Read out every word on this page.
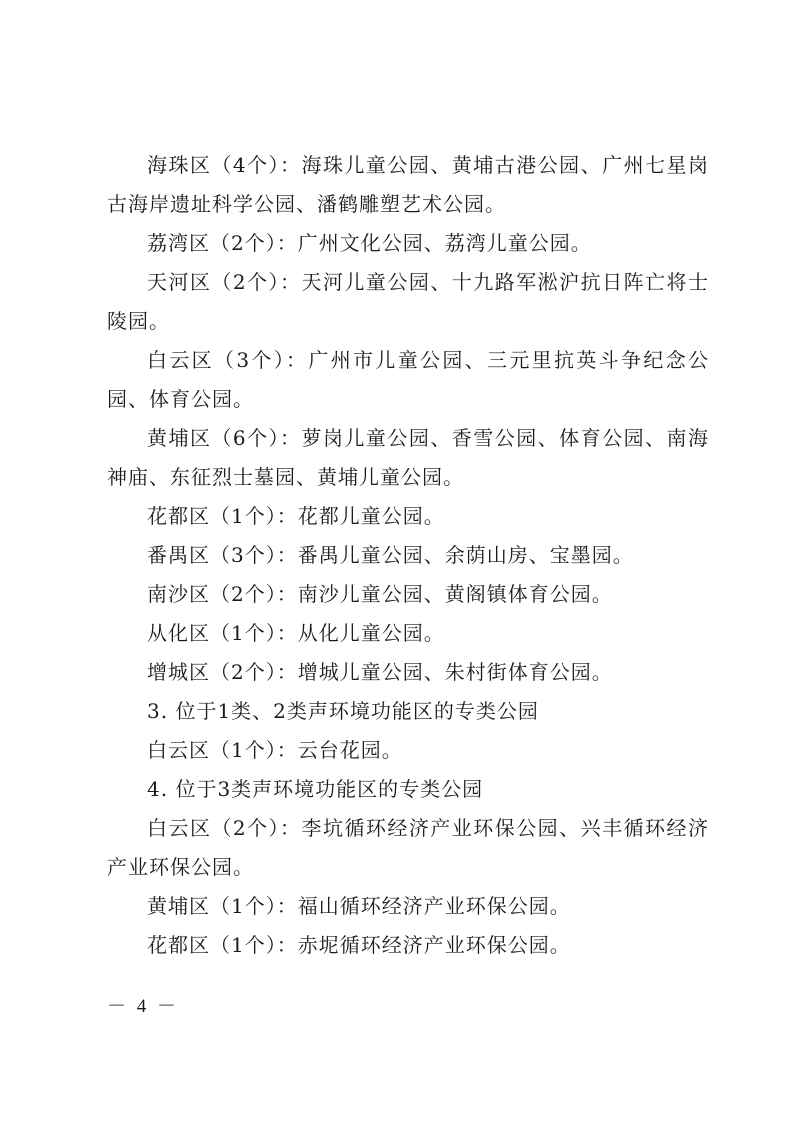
海珠区（4个）：海珠儿童公园、黄埔古港公园、广州七星岗古海岸遗址科学公园、潘鹤雕塑艺术公园。

荔湾区（2个）：广州文化公园、荔湾儿童公园。

天河区（2个）：天河儿童公园、十九路军淞沪抗日阵亡将士陵园。

白云区（3个）：广州市儿童公园、三元里抗英斗争纪念公园、体育公园。

黄埔区（6个）：萝岗儿童公园、香雪公园、体育公园、南海神庙、东征烈士墓园、黄埔儿童公园。

花都区（1个）：花都儿童公园。

番禺区（3个）：番禺儿童公园、余荫山房、宝墨园。

南沙区（2个）：南沙儿童公园、黄阁镇体育公园。

从化区（1个）：从化儿童公园。

增城区（2个）：增城儿童公园、朱村街体育公园。

3. 位于1类、2类声环境功能区的专类公园

白云区（1个）：云台花园。

4. 位于3类声环境功能区的专类公园

白云区（2个）：李坑循环经济产业环保公园、兴丰循环经济产业环保公园。

黄埔区（1个）：福山循环经济产业环保公园。

花都区（1个）：赤坭循环经济产业环保公园。

－ 4 －
